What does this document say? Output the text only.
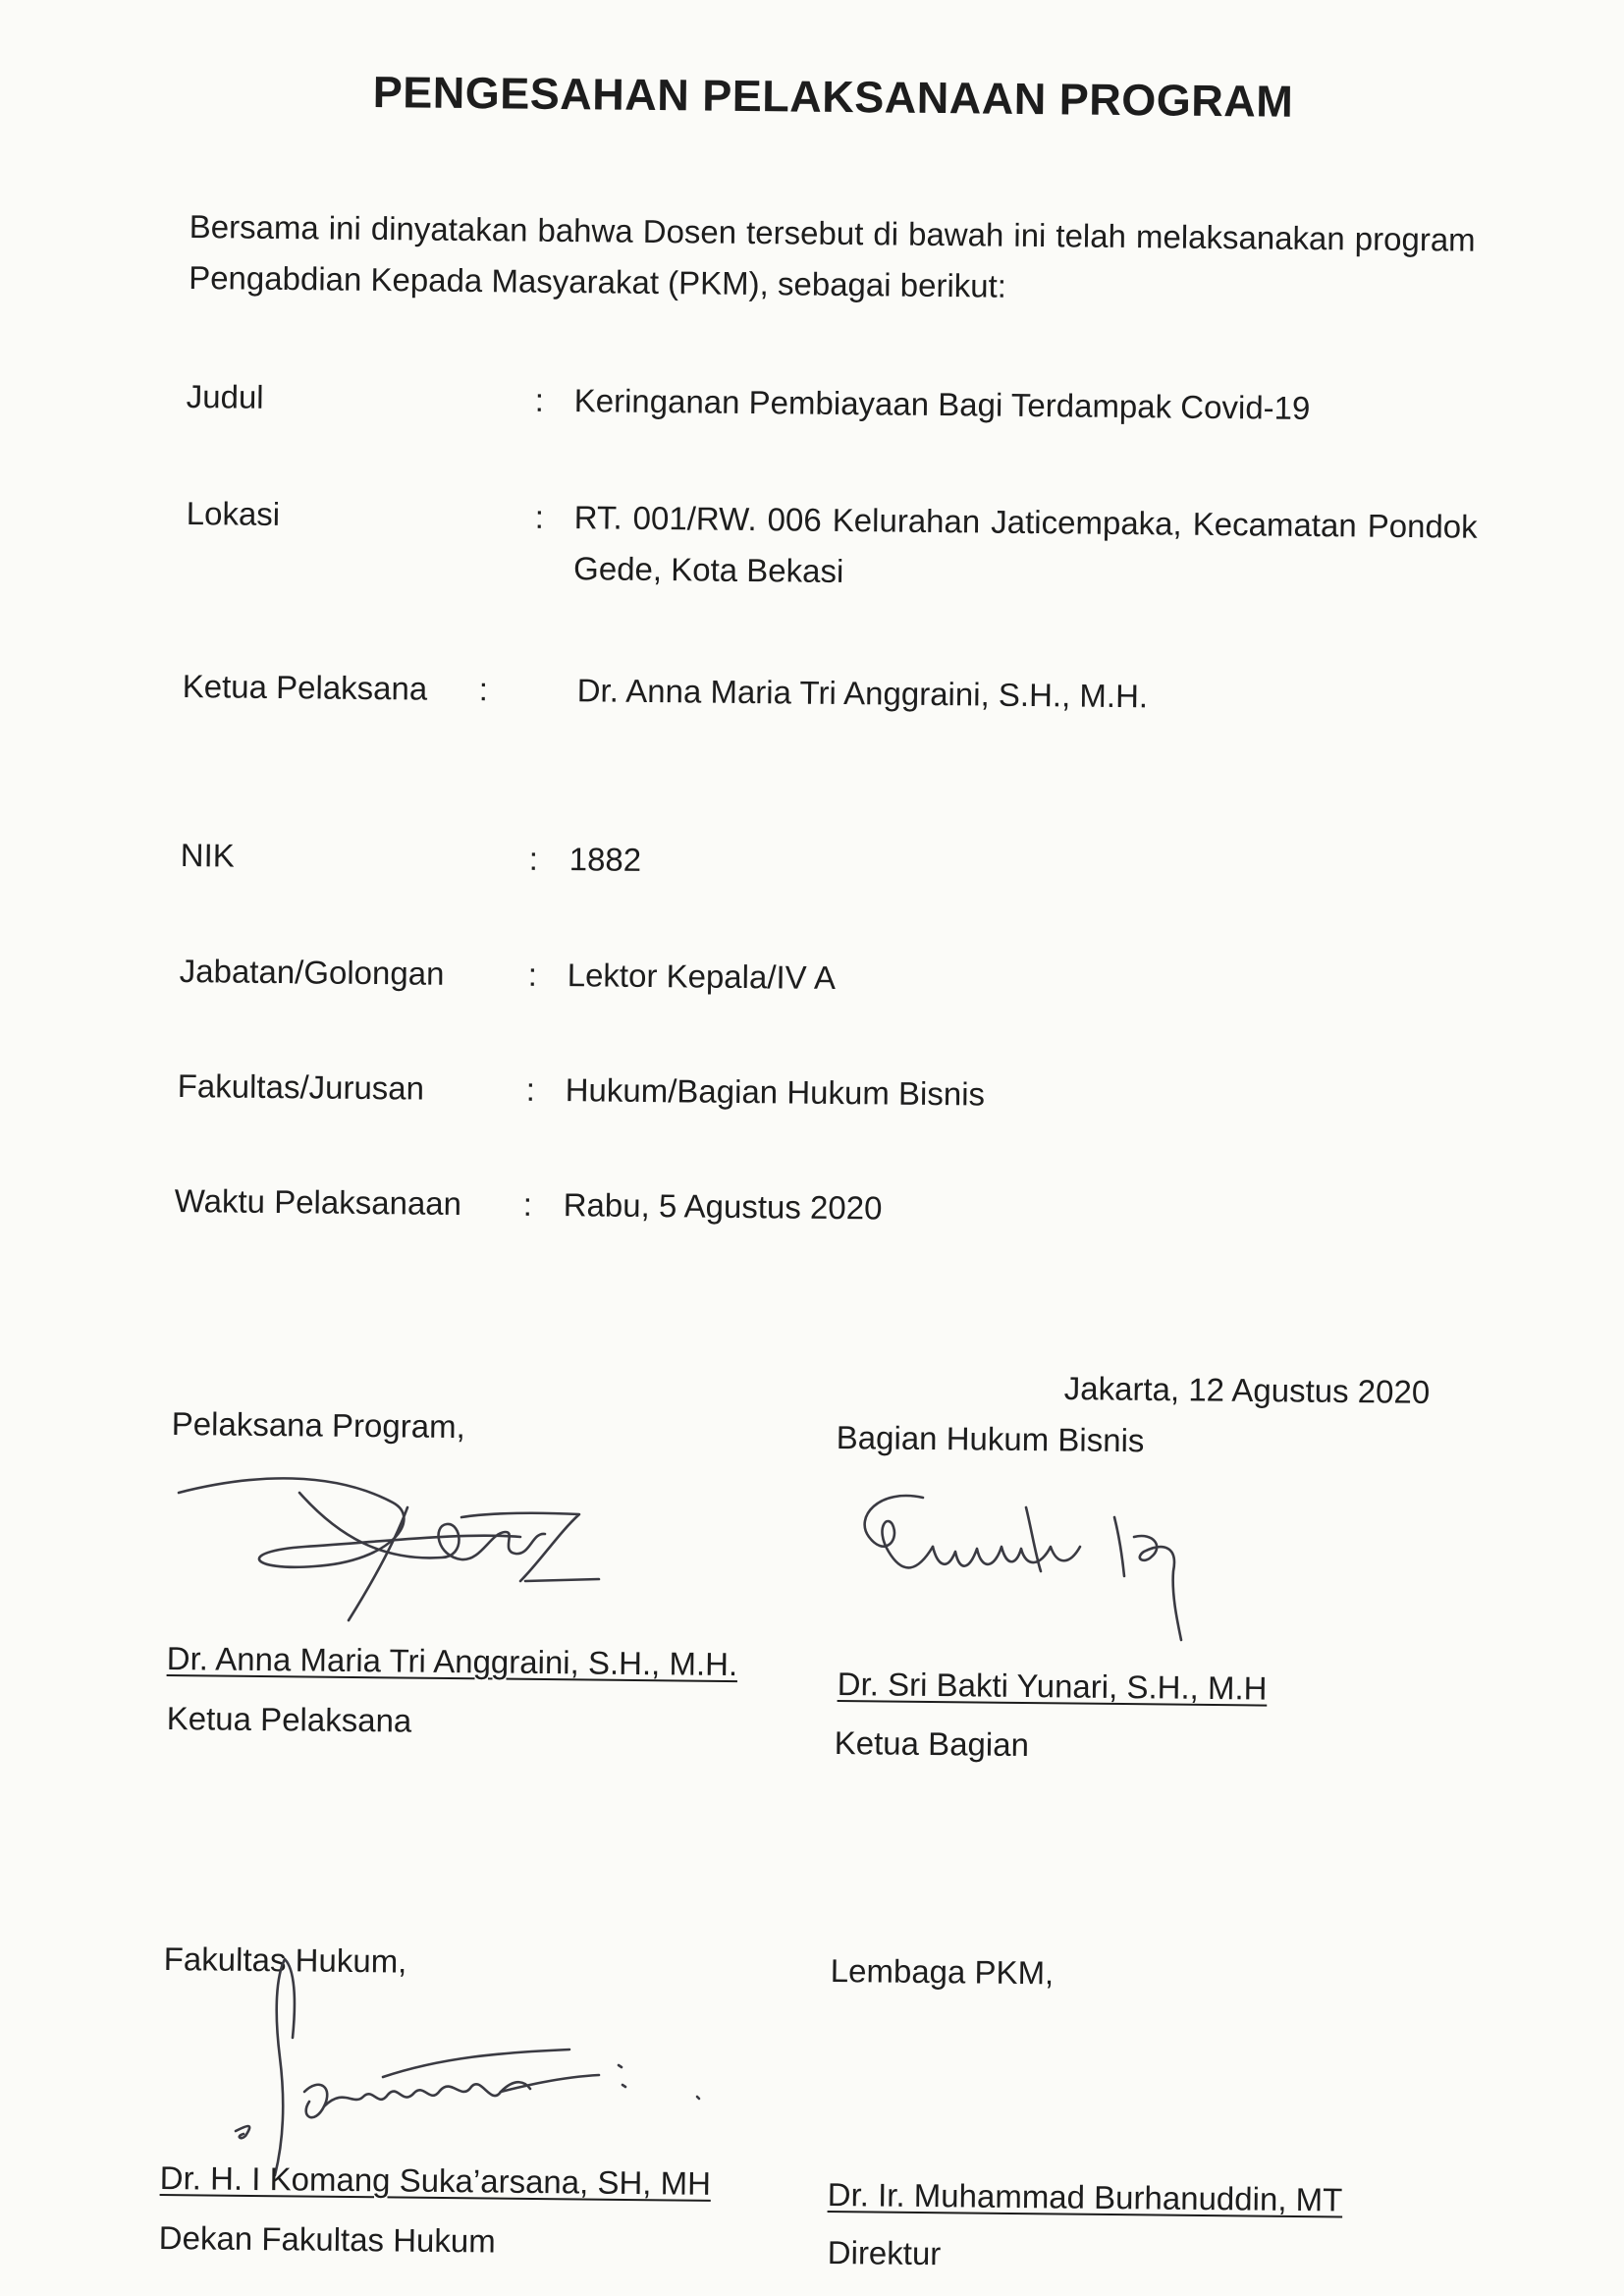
PENGESAHAN PELAKSANAAN PROGRAM
Bersama ini dinyatakan bahwa Dosen tersebut di bawah ini telah melaksanakan program Pengabdian Kepada Masyarakat (PKM), sebagai berikut:
Judul	: Keringanan Pembiayaan Bagi Terdampak Covid-19
Lokasi	: RT. 001/RW. 006 Kelurahan Jaticempaka, Kecamatan Pondok Gede, Kota Bekasi
Ketua Pelaksana :	Dr. Anna Maria Tri Anggraini, S.H., M.H.
NIK	: 1882
Jabatan/Golongan	: Lektor Kepala/IV A
Fakultas/Jurusan	: Hukum/Bagian Hukum Bisnis
Waktu Pelaksanaan : Rabu, 5 Agustus 2020
Jakarta, 12 Agustus 2020
Pelaksana Program,
Dr. Anna Maria Tri Anggraini, S.H., M.H.
Ketua Pelaksana
Bagian Hukum Bisnis
Dr. Sri Bakti Yunari, S.H., M.H
Ketua Bagian
Fakultas Hukum,
Dr. H. I Komang Suka’arsana, SH, MH
Dekan Fakultas Hukum
Lembaga PKM,
Dr. Ir. Muhammad Burhanuddin, MT
Direktur
